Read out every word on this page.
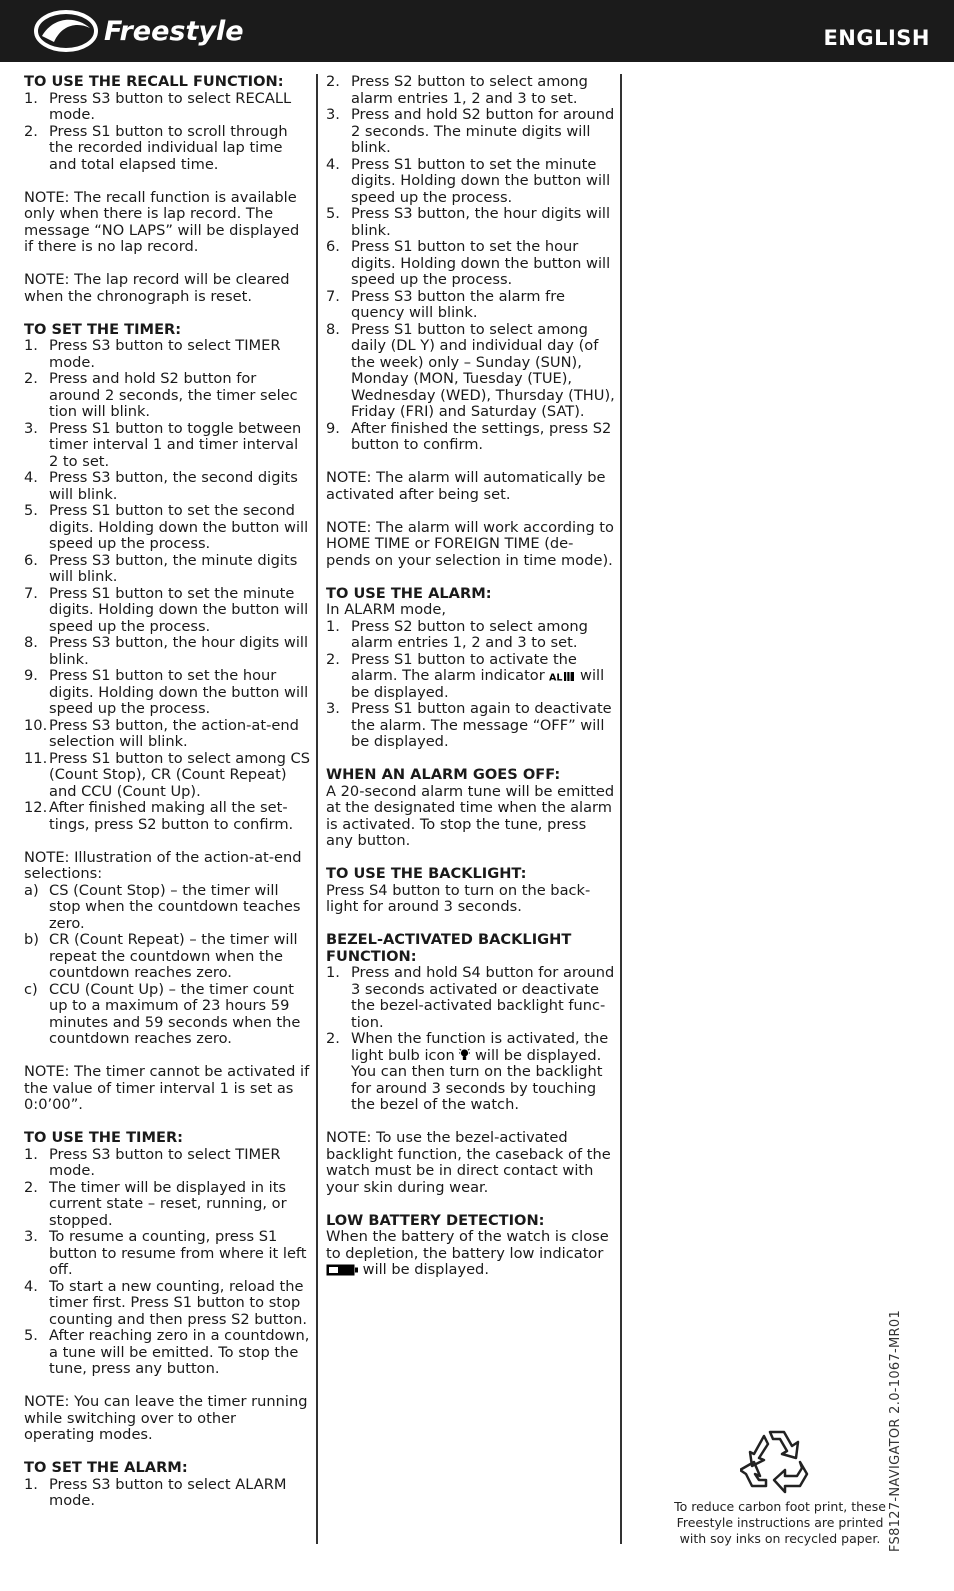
Freestyle	ENGLISH
TO USE THE RECALL FUNCTION:
1. Press S3 button to select RECALL mode.
2. Press S1 button to scroll through the recorded individual lap time and total elapsed time.
NOTE: The recall function is available only when there is lap record. The message “NO LAPS” will be displayed if there is no lap record.
NOTE: The lap record will be cleared when the chronograph is reset.
TO SET THE TIMER:
1. Press S3 button to select TIMER mode.
2. Press and hold S2 button for around 2 seconds, the timer selec tion will blink.
3. Press S1 button to toggle between timer interval 1 and timer interval 2 to set.
4. Press S3 button, the second digits will blink.
5. Press S1 button to set the second digits. Holding down the button will speed up the process.
6. Press S3 button, the minute digits will blink.
7. Press S1 button to set the minute digits. Holding down the button will speed up the process.
8. Press S3 button, the hour digits will blink.
9. Press S1 button to set the hour digits. Holding down the button will speed up the process.
10. Press S3 button, the action-at-end selection will blink.
11. Press S1 button to select among CS (Count Stop), CR (Count Repeat) and CCU (Count Up).
12. After finished making all the set- tings, press S2 button to confirm.
NOTE: Illustration of the action-at-end selections:
a) CS (Count Stop) – the timer will stop when the countdown teaches zero.
b) CR (Count Repeat) – the timer will repeat the countdown when the countdown reaches zero.
c) CCU (Count Up) – the timer count up to a maximum of 23 hours 59 minutes and 59 seconds when the countdown reaches zero.
NOTE: The timer cannot be activated if the value of timer interval 1 is set as 0:0’00”.
TO USE THE TIMER:
1. Press S3 button to select TIMER mode.
2. The timer will be displayed in its current state – reset, running, or stopped.
3. To resume a counting, press S1 button to resume from where it left off.
4. To start a new counting, reload the timer first. Press S1 button to stop counting and then press S2 button.
5. After reaching zero in a countdown, a tune will be emitted. To stop the tune, press any button.
NOTE: You can leave the timer running while switching over to other operating modes.
TO SET THE ALARM:
1. Press S3 button to select ALARM mode.
2. Press S2 button to select among alarm entries 1, 2 and 3 to set.
3. Press and hold S2 button for around 2 seconds. The minute digits will blink.
4. Press S1 button to set the minute digits. Holding down the button will speed up the process.
5. Press S3 button, the hour digits will blink.
6. Press S1 button to set the hour digits. Holding down the button will speed up the process.
7. Press S3 button the alarm fre quency will blink.
8. Press S1 button to select among daily (DL Y) and individual day (of the week) only – Sunday (SUN), Monday (MON, Tuesday (TUE), Wednesday (WED), Thursday (THU), Friday (FRI) and Saturday (SAT).
9. After finished the settings, press S2 button to confirm.
NOTE: The alarm will automatically be activated after being set.
NOTE: The alarm will work according to HOME TIME or FOREIGN TIME (de- pends on your selection in time mode).
TO USE THE ALARM:
In ALARM mode,
1. Press S2 button to select among alarm entries 1, 2 and 3 to set.
2. Press S1 button to activate the alarm. The alarm indicator AL will be displayed.
3. Press S1 button again to deactivate the alarm. The message “OFF” will be displayed.
WHEN AN ALARM GOES OFF:
A 20-second alarm tune will be emitted at the designated time when the alarm is activated. To stop the tune, press any button.
TO USE THE BACKLIGHT:
Press S4 button to turn on the back- light for around 3 seconds.
BEZEL-ACTIVATED BACKLIGHT FUNCTION:
1. Press and hold S4 button for around 3 seconds activated or deactivate the bezel-activated backlight func- tion.
2. When the function is activated, the light bulb icon will be displayed. You can then turn on the backlight for around 3 seconds by touching the bezel of the watch.
NOTE: To use the bezel-activated backlight function, the caseback of the watch must be in direct contact with your skin during wear.
LOW BATTERY DETECTION:
When the battery of the watch is close to depletion, the battery low indicator
will be displayed.
FS8127-NAVIGATOR 2.0-1067-MR01
To reduce carbon foot print, these Freestyle instructions are printed with soy inks on recycled paper.
